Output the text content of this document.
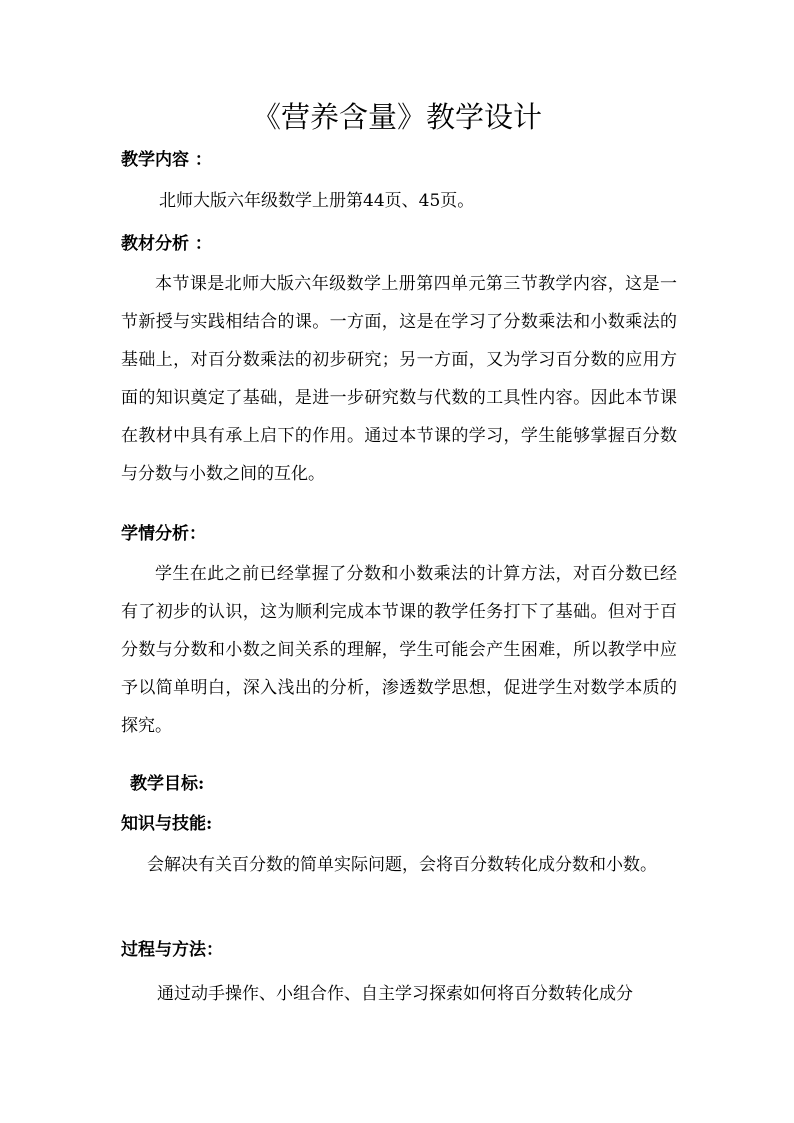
《营养含量》教学设计
教学内容 ：
北师大版六年级数学上册第44页、45页。
教材分析 ：
本节课是北师大版六年级数学上册第四单元第三节教学内容，这是一节新授与实践相结合的课。一方面，这是在学习了分数乘法和小数乘法的基础上，对百分数乘法的初步研究；另一方面，又为学习百分数的应用方面的知识奠定了基础，是进一步研究数与代数的工具性内容。因此本节课在教材中具有承上启下的作用。通过本节课的学习，学生能够掌握百分数与分数与小数之间的互化。
学情分析：
学生在此之前已经掌握了分数和小数乘法的计算方法，对百分数已经有了初步的认识，这为顺利完成本节课的教学任务打下了基础。但对于百分数与分数和小数之间关系的理解，学生可能会产生困难，所以教学中应予以简单明白，深入浅出的分析，渗透数学思想，促进学生对数学本质的探究。
教学目标:
知识与技能:
会解决有关百分数的简单实际问题，会将百分数转化成分数和小数。
过程与方法：
通过动手操作、小组合作、自主学习探索如何将百分数转化成分
